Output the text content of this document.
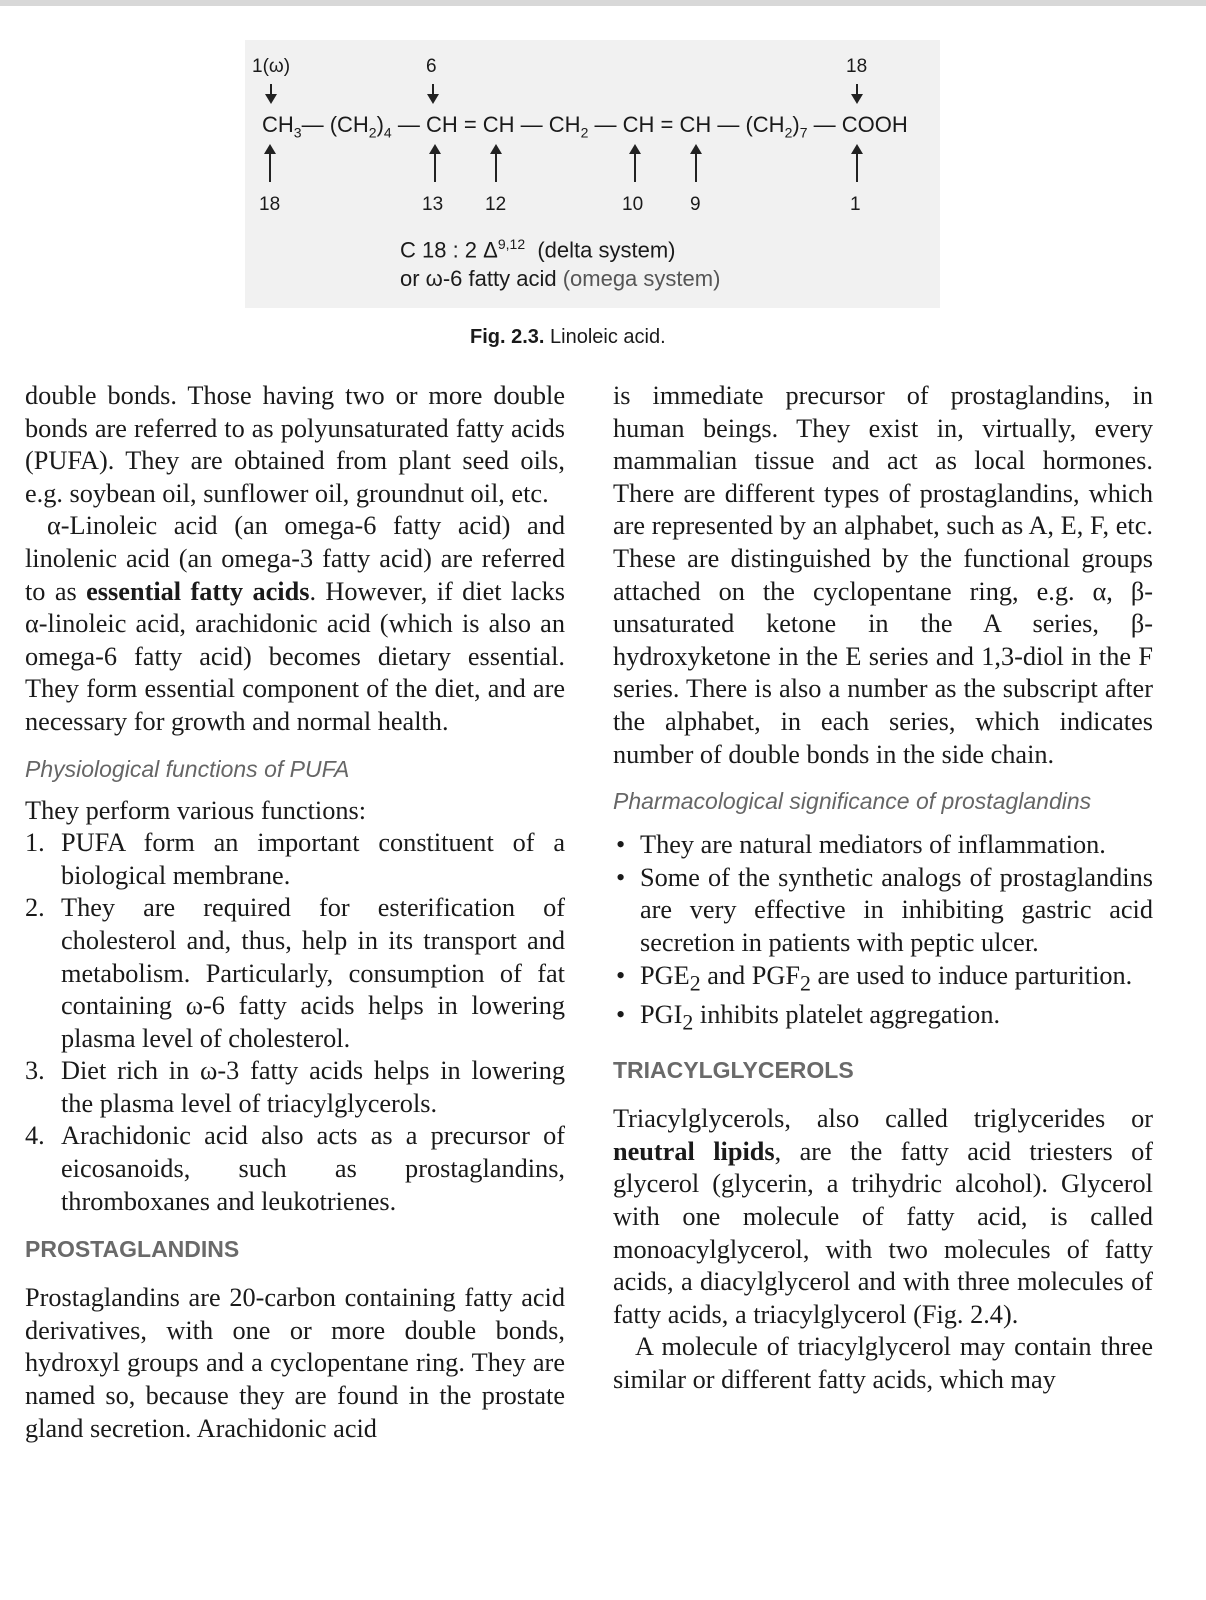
1(ω)	6	18
$CH_3—$ $(CH_2)_4$ — CH = CH — $CH_2$ — CH = CH — $(CH_2)_7$ — COOH
18	13 12	10 9	1
C 18 : 2 Δ$^{9,12}$ (delta system)
or ω-6 fatty acid (omega system)
Fig. 2.3. Linoleic acid.

double bonds. Those having two or more double bonds are referred to as polyunsaturated fatty acids (PUFA). They are obtained from plant seed oils, e.g. soybean oil, sunflower oil, groundnut oil, etc.

α-Linoleic acid (an omega-6 fatty acid) and linolenic acid (an omega-3 fatty acid) are referred to as essential fatty acids. However, if diet lacks α-linoleic acid, arachidonic acid (which is also an omega-6 fatty acid) becomes dietary essential. They form essential component of the diet, and are necessary for growth and normal health.

Physiological functions of PUFA

They perform various functions:

1. PUFA form an important constituent of a biological membrane.
2. They are required for esterification of cholesterol and, thus, help in its transport and metabolism. Particularly, consumption of fat containing ω-6 fatty acids helps in lowering plasma level of cholesterol.
3. Diet rich in ω-3 fatty acids helps in lowering the plasma level of triacylglycerols.
4. Arachidonic acid also acts as a precursor of eicosanoids, such as prostaglandins, thromboxanes and leukotrienes.
PROSTAGLANDINS

Prostaglandins are 20-carbon containing fatty acid derivatives, with one or more double bonds, hydroxyl groups and a cyclopentane ring. They are named so, because they are found in the prostate gland secretion. Arachidonic acid

is immediate precursor of prostaglandins, in human beings. They exist in, virtually, every mammalian tissue and act as local hormones. There are different types of prostaglandins, which are represented by an alphabet, such as A, E, F, etc. These are distinguished by the functional groups attached on the cyclopentane ring, e.g. α, β-unsaturated ketone in the A series, β-hydroxyketone in the E series and 1,3-diol in the F series. There is also a number as the subscript after the alphabet, in each series, which indicates number of double bonds in the side chain.

Pharmacological significance of prostaglandins
• They are natural mediators of inflammation.
• Some of the synthetic analogs of prostaglandins are very effective in inhibiting gastric acid secretion in patients with peptic ulcer.
• $PGE_2$ and $PGF_2$ are used to induce parturition.
• $PGI_2$ inhibits platelet aggregation.
TRIACYLGLYCEROLS

Triacylglycerols, also called triglycerides or neutral lipids, are the fatty acid triesters of glycerol (glycerin, a trihydric alcohol). Glycerol with one molecule of fatty acid, is called monoacylglycerol, with two molecules of fatty acids, a diacylglycerol and with three molecules of fatty acids, a triacylglycerol (Fig. 2.4).

A molecule of triacylglycerol may contain three similar or different fatty acids, which may
